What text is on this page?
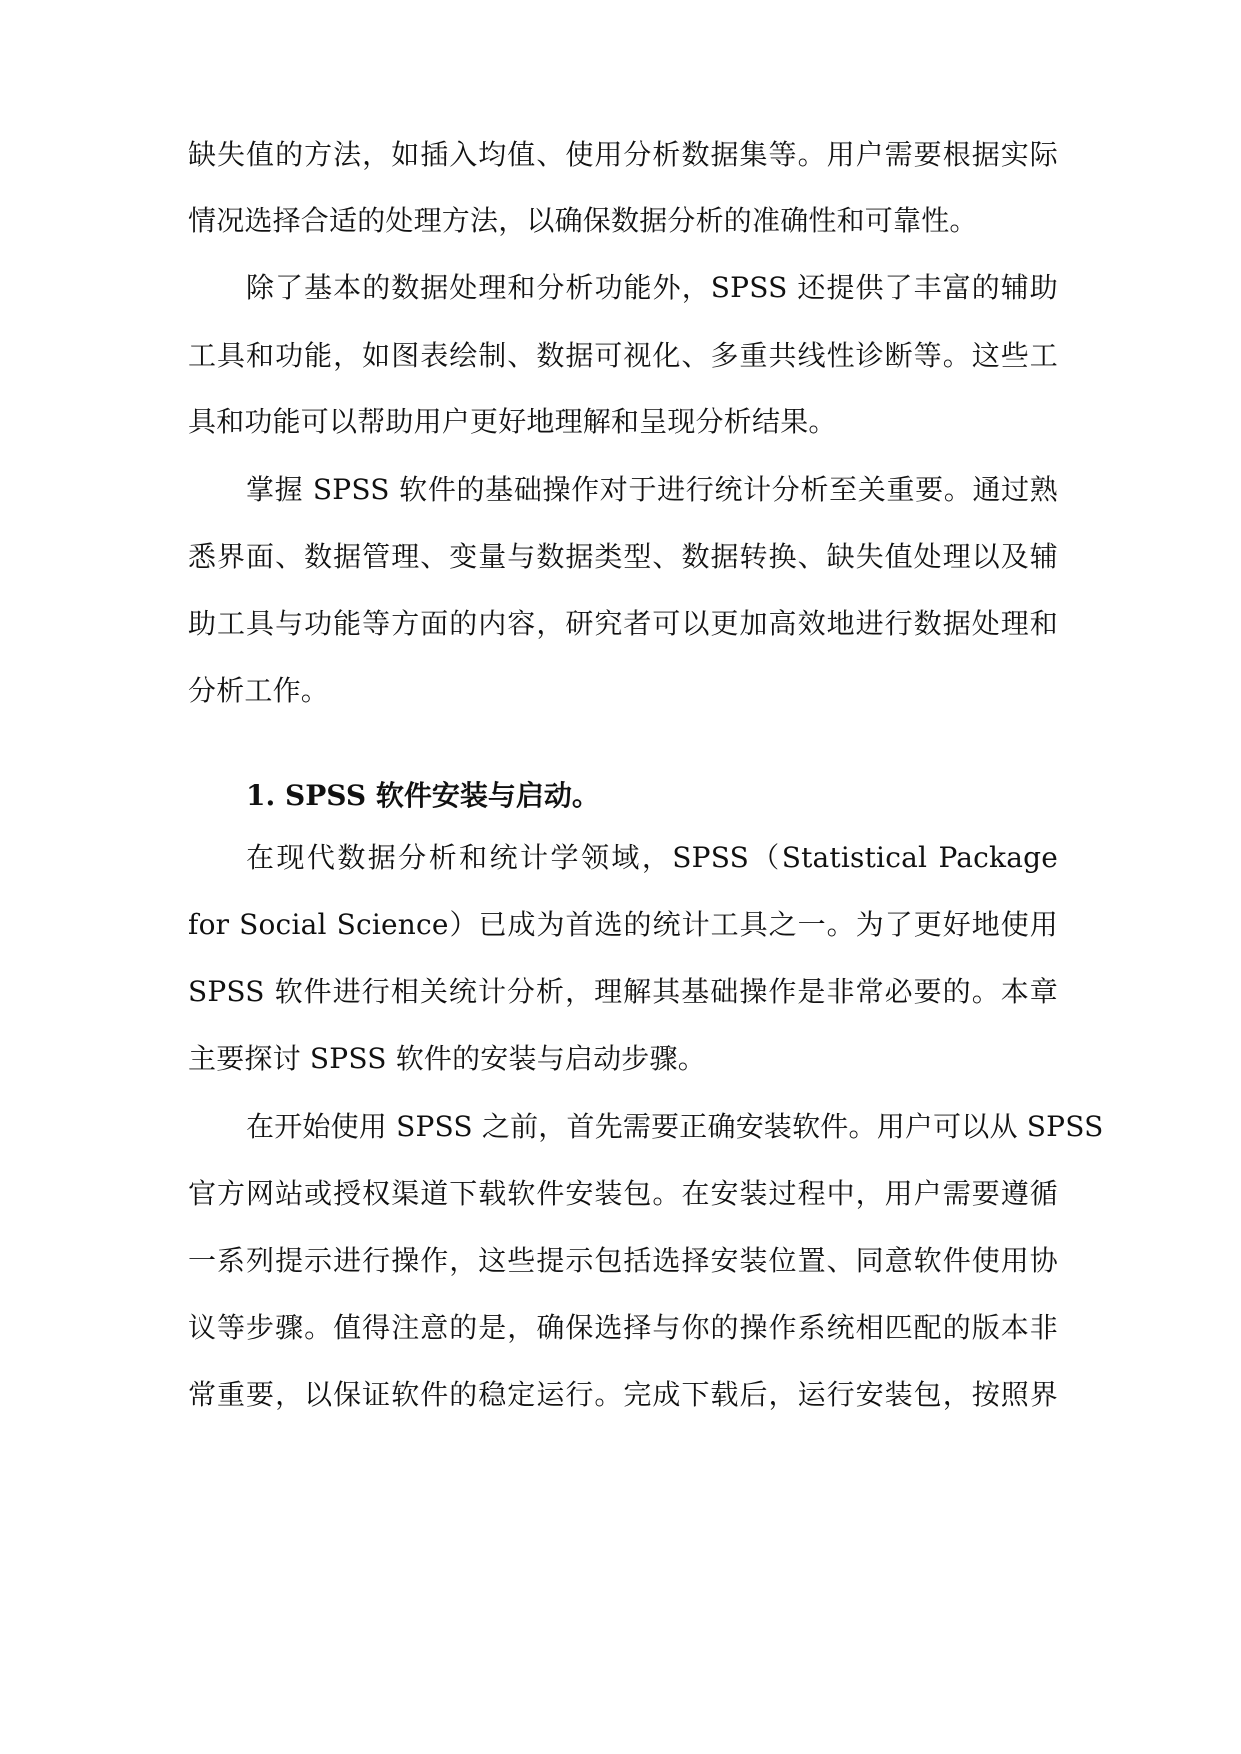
缺失值的方法，如插入均值、使用分析数据集等。用户需要根据实际
情况选择合适的处理方法，以确保数据分析的准确性和可靠性。
除了基本的数据处理和分析功能外，SPSS 还提供了丰富的辅助
工具和功能，如图表绘制、数据可视化、多重共线性诊断等。这些工
具和功能可以帮助用户更好地理解和呈现分析结果。
掌握 SPSS 软件的基础操作对于进行统计分析至关重要。通过熟
悉界面、数据管理、变量与数据类型、数据转换、缺失值处理以及辅
助工具与功能等方面的内容，研究者可以更加高效地进行数据处理和
分析工作。
1. SPSS 软件安装与启动。
在现代数据分析和统计学领域，SPSS（Statistical Package
for Social Science）已成为首选的统计工具之一。为了更好地使用
SPSS 软件进行相关统计分析，理解其基础操作是非常必要的。本章
主要探讨 SPSS 软件的安装与启动步骤。
在开始使用 SPSS 之前，首先需要正确安装软件。用户可以从 SPSS
官方网站或授权渠道下载软件安装包。在安装过程中，用户需要遵循
一系列提示进行操作，这些提示包括选择安装位置、同意软件使用协
议等步骤。值得注意的是，确保选择与你的操作系统相匹配的版本非
常重要，以保证软件的稳定运行。完成下载后，运行安装包，按照界
